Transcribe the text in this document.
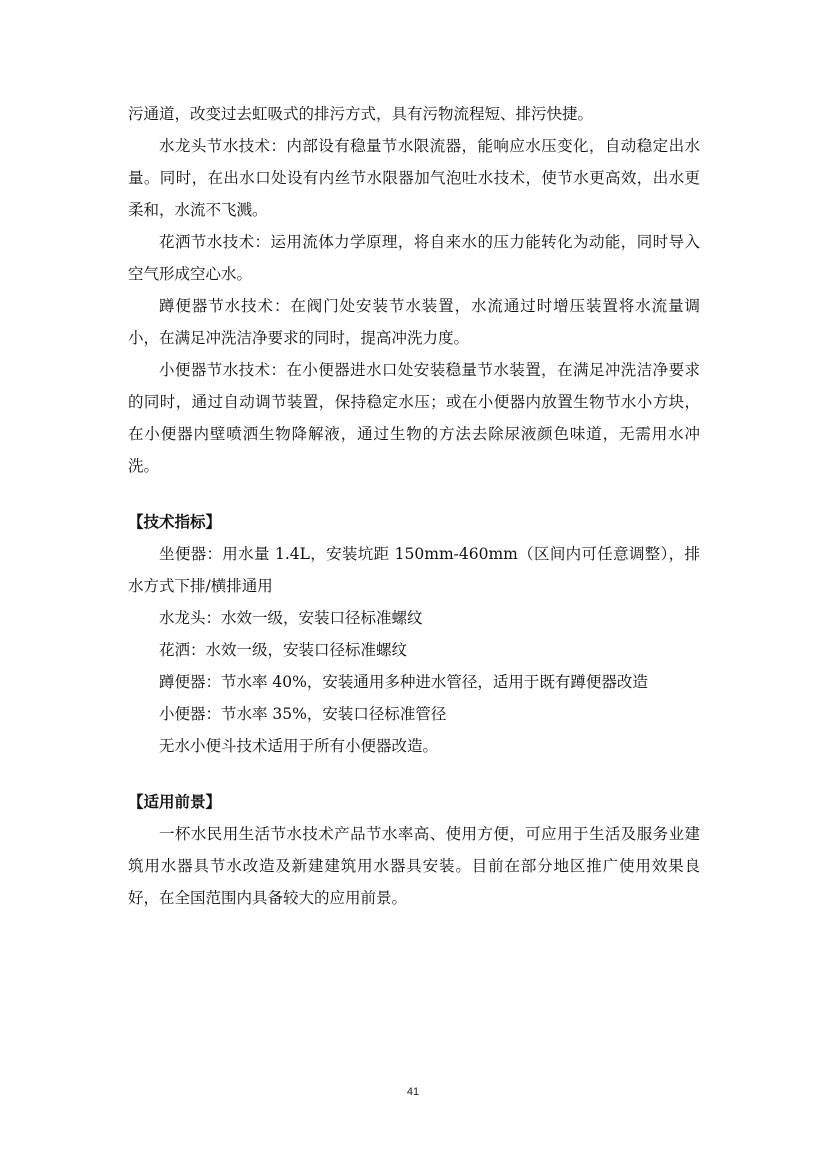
污通道，改变过去虹吸式的排污方式，具有污物流程短、排污快捷。

水龙头节水技术：内部设有稳量节水限流器，能响应水压变化，自动稳定出水量。同时，在出水口处设有内丝节水限器加气泡吐水技术，使节水更高效，出水更柔和，水流不飞溅。

花洒节水技术：运用流体力学原理，将自来水的压力能转化为动能，同时导入空气形成空心水。

蹲便器节水技术：在阀门处安装节水装置，水流通过时增压装置将水流量调小，在满足冲洗洁净要求的同时，提高冲洗力度。

小便器节水技术：在小便器进水口处安装稳量节水装置，在满足冲洗洁净要求的同时，通过自动调节装置，保持稳定水压；或在小便器内放置生物节水小方块，在小便器内壁喷洒生物降解液，通过生物的方法去除尿液颜色味道，无需用水冲洗。

【技术指标】

坐便器：用水量 1.4L，安装坑距 150mm-460mm（区间内可任意调整），排水方式下排/横排通用

水龙头：水效一级，安装口径标准螺纹

花洒：水效一级，安装口径标准螺纹

蹲便器：节水率 40%，安装通用多种进水管径，适用于既有蹲便器改造

小便器：节水率 35%，安装口径标准管径

无水小便斗技术适用于所有小便器改造。

【适用前景】

一杯水民用生活节水技术产品节水率高、使用方便，可应用于生活及服务业建筑用水器具节水改造及新建建筑用水器具安装。目前在部分地区推广使用效果良好，在全国范围内具备较大的应用前景。

41
